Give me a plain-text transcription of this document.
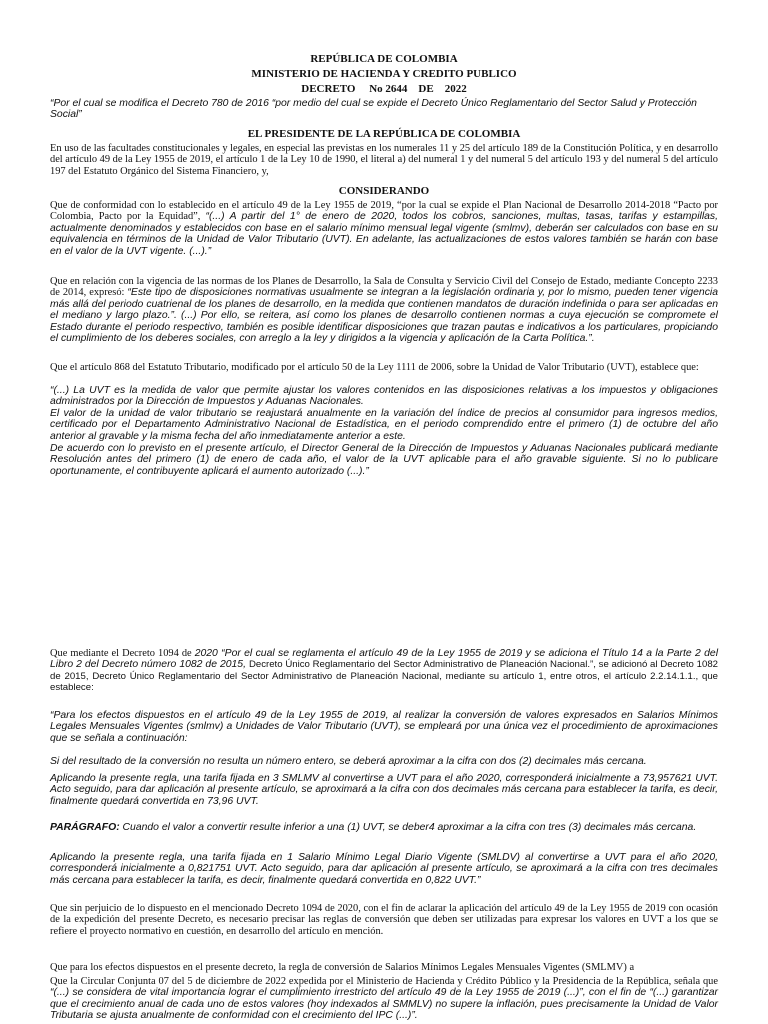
REPÚBLICA DE COLOMBIA
MINISTERIO DE HACIENDA Y CREDITO PUBLICO
DECRETO     No 2644    DE    2022
“Por el cual se modifica el Decreto 780 de 2016 “por medio del cual se expide el Decreto Único Reglamentario del Sector Salud y Protección Social”
EL PRESIDENTE DE LA REPÚBLICA DE COLOMBIA
En uso de las facultades constitucionales y legales, en especial las previstas en los numerales 11 y 25 del artículo 189 de la Constitución Política, y en desarrollo del artículo 49 de la Ley 1955 de 2019, el artículo 1 de la Ley 10 de 1990, el literal a) del numeral 1 y del numeral 5 del artículo 193 y del numeral 5 del artículo 197 del Estatuto Orgánico del Sistema Financiero, y,
CONSIDERANDO
Que de conformidad con lo establecido en el artículo 49 de la Ley 1955 de 2019, “por la cual se expide el Plan Nacional de Desarrollo 2014-2018 “Pacto por Colombia, Pacto por la Equidad”, “(...) A partir del 1° de enero de 2020, todos los cobros, sanciones, multas, tasas, tarifas y estampillas, actualmente denominados y establecidos con base en el salario mínimo mensual legal vigente (smlmv), deberán ser calculados con base en su equivalencia en términos de la Unidad de Valor Tributario (UVT). En adelante, las actualizaciones de estos valores también se harán con base en el valor de la UVT vigente. (...).”
Que en relación con la vigencia de las normas de los Planes de Desarrollo, la Sala de Consulta y Servicio Civil del Consejo de Estado, mediante Concepto 2233 de 2014, expresó: “Este tipo de disposiciones normativas usualmente se integran a la legislación ordinaria y, por lo mismo, pueden tener vigencia más allá del periodo cuatrienal de los planes de desarrollo, en la medida que contienen mandatos de duración indefinida o para ser aplicadas en el mediano y largo plazo.”. (...) Por ello, se reitera, así como los planes de desarrollo contienen normas a cuya ejecución se compromete el Estado durante el periodo respectivo, también es posible identificar disposiciones que trazan pautas e indicativos a los particulares, propiciando el cumplimiento de los deberes sociales, con arreglo a la ley y dirigidos a la vigencia y aplicación de la Carta Política.”.
Que el artículo 868 del Estatuto Tributario, modificado por el artículo 50 de la Ley 1111 de 2006, sobre la Unidad de Valor Tributario (UVT), establece que:
“(...) La UVT es la medida de valor que permite ajustar los valores contenidos en las disposiciones relativas a los impuestos y obligaciones administrados por la Dirección de Impuestos y Aduanas Nacionales.
El valor de la unidad de valor tributario se reajustará anualmente en la variación del índice de precios al consumidor para ingresos medios, certificado por el Departamento Administrativo Nacional de Estadística, en el periodo comprendido entre el primero (1) de octubre del año anterior al gravable y la misma fecha del año inmediatamente anterior a este.
De acuerdo con lo previsto en el presente artículo, el Director General de la Dirección de Impuestos y Aduanas Nacionales publicará mediante Resolución antes del primero (1) de enero de cada año, el valor de la UVT aplicable para el año gravable siguiente. Si no lo publicare oportunamente, el contribuyente aplicará el aumento autorizado (...).”
Que mediante el Decreto 1094 de 2020 “Por el cual se reglamenta el artículo 49 de la Ley 1955 de 2019 y se adiciona el Título 14 a la Parte 2 del Libro 2 del Decreto número 1082 de 2015, Decreto Único Reglamentario del Sector Administrativo de Planeación Nacional.”, se adicionó al Decreto 1082 de 2015, Decreto Único Reglamentario del Sector Administrativo de Planeación Nacional, mediante su artículo 1, entre otros, el artículo 2.2.14.1.1., que establece:
“Para los efectos dispuestos en el artículo 49 de la Ley 1955 de 2019, al realizar la conversión de valores expresados en Salarios Mínimos Legales Mensuales Vigentes (smlmv) a Unidades de Valor Tributario (UVT), se empleará por una única vez el procedimiento de aproximaciones que se señala a continuación:
Si del resultado de la conversión no resulta un número entero, se deberá aproximar a la cifra con dos (2) decimales más cercana.
Aplicando la presente regla, una tarifa fijada en 3 SMLMV al convertirse a UVT para el año 2020, corresponderá inicialmente a 73,957621 UVT. Acto seguido, para dar aplicación al presente artículo, se aproximará a la cifra con dos decimales más cercana para establecer la tarifa, es decir, finalmente quedará convertida en 73,96 UVT.
PARÁGRAFO: Cuando el valor a convertir resulte inferior a una (1) UVT, se deber4 aproximar a la cifra con tres (3) decimales más cercana.
Aplicando la presente regla, una tarifa fijada en 1 Salario Mínimo Legal Diario Vigente (SMLDV) al convertirse a UVT para el año 2020, corresponderá inicialmente a 0,821751 UVT. Acto seguido, para dar aplicación al presente artículo, se aproximará a la cifra con tres decimales más cercana para establecer la tarifa, es decir, finalmente quedará convertida en 0,822 UVT.”
Que sin perjuicio de lo dispuesto en el mencionado Decreto 1094 de 2020, con el fin de aclarar la aplicación del artículo 49 de la Ley 1955 de 2019 con ocasión de la expedición del presente Decreto, es necesario precisar las reglas de conversión que deben ser utilizadas para expresar los valores en UVT a los que se refiere el proyecto normativo en cuestión, en desarrollo del artículo en mención.
Que para los efectos dispuestos en el presente decreto, la regla de conversión de Salarios Mínimos Legales Mensuales Vigentes (SMLMV) a
Que la Circular Conjunta 07 del 5 de diciembre de 2022 expedida por el Ministerio de Hacienda y Crédito Público y la Presidencia de la República, señala que “(...) se considera de vital importancia lograr el cumplimiento irrestricto del artículo 49 de la Ley 1955 de 2019 (...)”, con el fin de “(...) garantizar que el crecimiento anual de cada uno de estos valores (hoy indexados al SMMLV) no supere la inflación, pues precisamente la Unidad de Valor Tributaria se ajusta anualmente de conformidad con el crecimiento del IPC (...)”.
